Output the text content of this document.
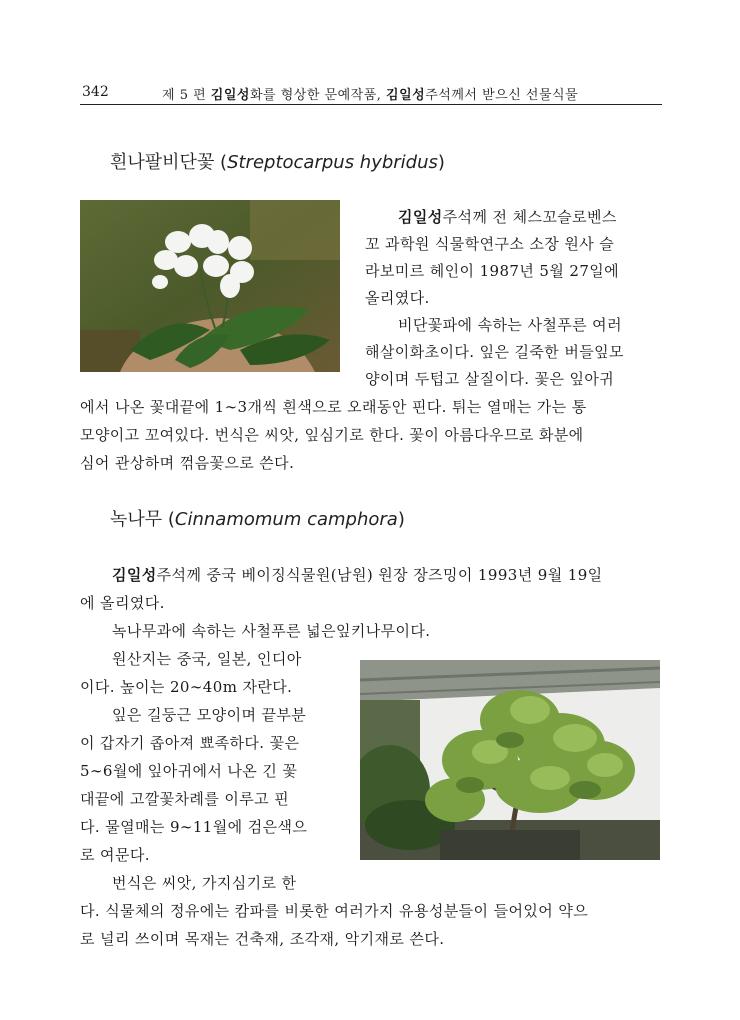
342	제 5 편 김일성화를 형상한 문예작품, 김일성주석께서 받으신 선물식물
흰나팔비단꽃 (Streptocarpus hybridus)
김일성주석께 전 체스꼬슬로벤스
꼬 과학원 식물학연구소 소장 원사 슬
라보미르 헤인이 1987년 5월 27일에
올리였다.
비단꽃파에 속하는 사철푸른 여러
해살이화초이다. 잎은 길죽한 버들잎모
양이며 두텁고 살질이다. 꽃은 잎아귀
에서 나온 꽃대끝에 1∼3개씩 흰색으로 오래동안 핀다. 튀는 열매는 가는 통
모양이고 꼬여있다. 번식은 씨앗, 잎심기로 한다. 꽃이 아름다우므로 화분에
심어 관상하며 꺾음꽃으로 쓴다.
녹나무 (Cinnamomum camphora)
김일성주석께 중국 베이징식물원(남원) 원장 장즈밍이 1993년 9월 19일
에 올리였다.
녹나무과에 속하는 사철푸른 넓은잎키나무이다.
원산지는 중국, 일본, 인디아
이다. 높이는 20∼40m 자란다.
잎은 길둥근 모양이며 끝부분
이 갑자기 좁아져 뾰족하다. 꽃은
5∼6월에 잎아귀에서 나온 긴 꽃
대끝에 고깔꽃차례를 이루고 핀
다. 물열매는 9∼11월에 검은색으
로 여문다.
번식은 씨앗, 가지심기로 한
다. 식물체의 정유에는 캄파를 비롯한 여러가지 유용성분들이 들어있어 약으
로 널리 쓰이며 목재는 건축재, 조각재, 악기재로 쓴다.
